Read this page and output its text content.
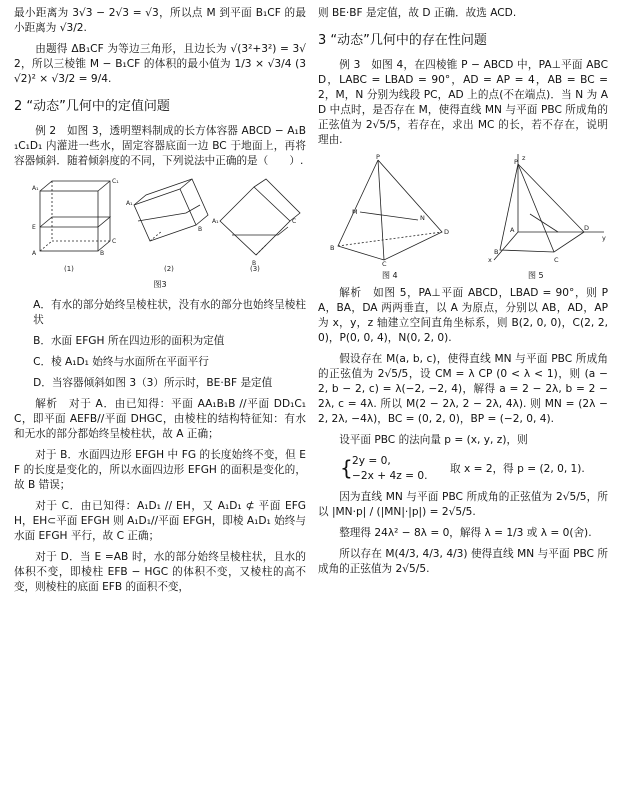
最小距离为 3√3 − 2√3 = √3，所以点 M 到平面 B₁CF 的最小距离为 √3/2.

由题得 ΔB₁CF 为等边三角形，且边长为 √(3²+3²) = 3√2，所以三棱锥 M − B₁CF 的体积的最小值为 1/3 × √3/4 (3√2)² × √3/2 = 9/4.

2 “动态”几何中的定值问题

例 2　如图 3，透明塑料制成的长方体容器 ABCD − A₁B₁C₁D₁ 内灌进一些水，固定容器底面一边 BC 于地面上，再将容器倾斜．随着倾斜度的不同，下列说法中正确的是（　　）.

A₁
E
A	B
C
C₁
A₁
B
A₁
B
C
(1)	(2)	(3)
图3

A．有水的部分始终呈棱柱状，没有水的部分也始终呈棱柱状

B．水面 EFGH 所在四边形的面积为定值

C．棱 A₁D₁ 始终与水面所在平面平行

D．当容器倾斜如图 3（3）所示时，BE·BF 是定值

解析　对于 A．由已知得：平面 AA₁B₁B //平面 DD₁C₁C，即平面 AEFB//平面 DHGC，由棱柱的结构特征知：有水和无水的部分都始终呈棱柱状，故 A 正确；

对于 B．水面四边形 EFGH 中 FG 的长度始终不变，但 EF 的长度是变化的，所以水面四边形 EFGH 的面积是变化的，故 B 错误；

对于 C．由已知得：A₁D₁ // EH，又 A₁D₁ ⊄ 平面 EFGH，EH⊂平面 EFGH 则 A₁D₁//平面 EFGH，即棱 A₁D₁ 始终与水面 EFGH 平行，故 C 正确；

对于 D．当 E =AB 时，水的部分始终呈棱柱状，且水的体积不变，即棱柱 EFB − HGC 的体积不变，又棱柱的高不变，则棱柱的底面 EFB 的面积不变，

则 BE·BF 是定值，故 D 正确．故选 ACD.

3 “动态”几何中的存在性问题

例 3　如图 4，在四棱锥 P − ABCD 中，PA⊥平面 ABCD，LABC = LBAD = 90°，AD = AP = 4，AB = BC = 2，M，N 分别为线段 PC，AD 上的点(不在端点)．当 N 为 AD 中点时，是否存在 M，使得直线 MN 与平面 PBC 所成角的正弦值为 2√5/5，若存在，求出 MC 的长，若不存在，说明理由.

P
B
C
D
M
N
z
P
y
x
B
C
D
A
图 4	图 5

解析　如图 5，PA⊥平面 ABCD，LBAD = 90°，则 PA，BA，DA 两两垂直，以 A 为原点，分别以 AB，AD，AP 为 x，y，z 轴建立空间直角坐标系，则 B(2, 0, 0)，C(2, 2, 0)，P(0, 0, 4)，N(0, 2, 0).

假设存在 M(a, b, c)，使得直线 MN 与平面 PBC 所成角的正弦值为 2√5/5，设 CM = λ CP (0 < λ < 1)，则 (a − 2, b − 2, c) = λ(−2, −2, 4)，解得 a = 2 − 2λ, b = 2 − 2λ, c = 4λ. 所以 M(2 − 2λ, 2 − 2λ, 4λ). 则 MN = (2λ − 2, 2λ, −4λ)，BC = (0, 2, 0)，BP = (−2, 0, 4).

设平面 PBC 的法向量 p = (x, y, z)，则

{ 2y = 0,
−2x + 4z = 0.
取 x = 2，得 p = (2, 0, 1).

因为直线 MN 与平面 PBC 所成角的正弦值为 2√5/5，所以 |MN·p| / (|MN|·|p|) = 2√5/5.

整理得 24λ² − 8λ = 0，解得 λ = 1/3 或 λ = 0(舍).

所以存在 M(4/3, 4/3, 4/3) 使得直线 MN 与平面 PBC 所成角的正弦值为 2√5/5.
